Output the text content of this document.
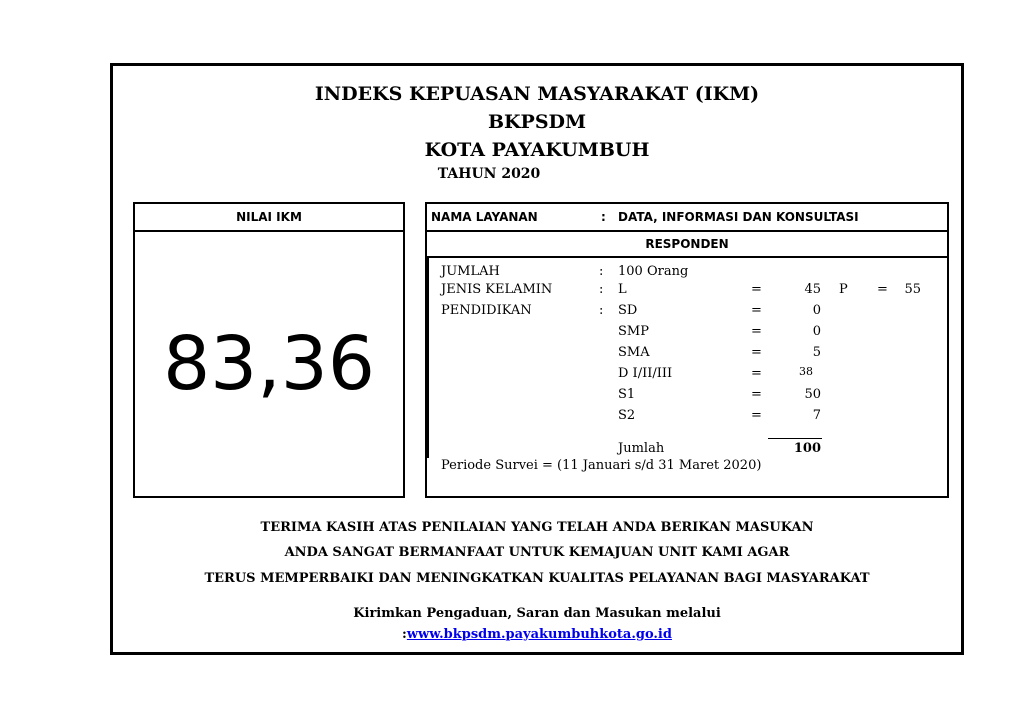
INDEKS KEPUASAN MASYARAKAT (IKM)
BKPSDM
KOTA PAYAKUMBUH
TAHUN 2020
NILAI IKM
83,36
NAMA LAYANAN	: DATA, INFORMASI DAN KONSULTASI
RESPONDEN
JUMLAH	: 100 Orang
JENIS KELAMIN	: L	=	45 P =	55
PENDIDIKAN	: SD	=	0
SMP	=	0
SMA	=	5
D I/II/III	=	38
S1	=	50
S2	=	7
Jumlah	100
Periode Survei = (11 Januari s/d 31 Maret 2020)
TERIMA KASIH ATAS PENILAIAN YANG TELAH ANDA BERIKAN MASUKAN
ANDA SANGAT BERMANFAAT UNTUK KEMAJUAN UNIT KAMI AGAR
TERUS MEMPERBAIKI DAN MENINGKATKAN KUALITAS PELAYANAN BAGI MASYARAKAT
Kirimkan Pengaduan, Saran dan Masukan melalui
:www.bkpsdm.payakumbuhkota.go.id
